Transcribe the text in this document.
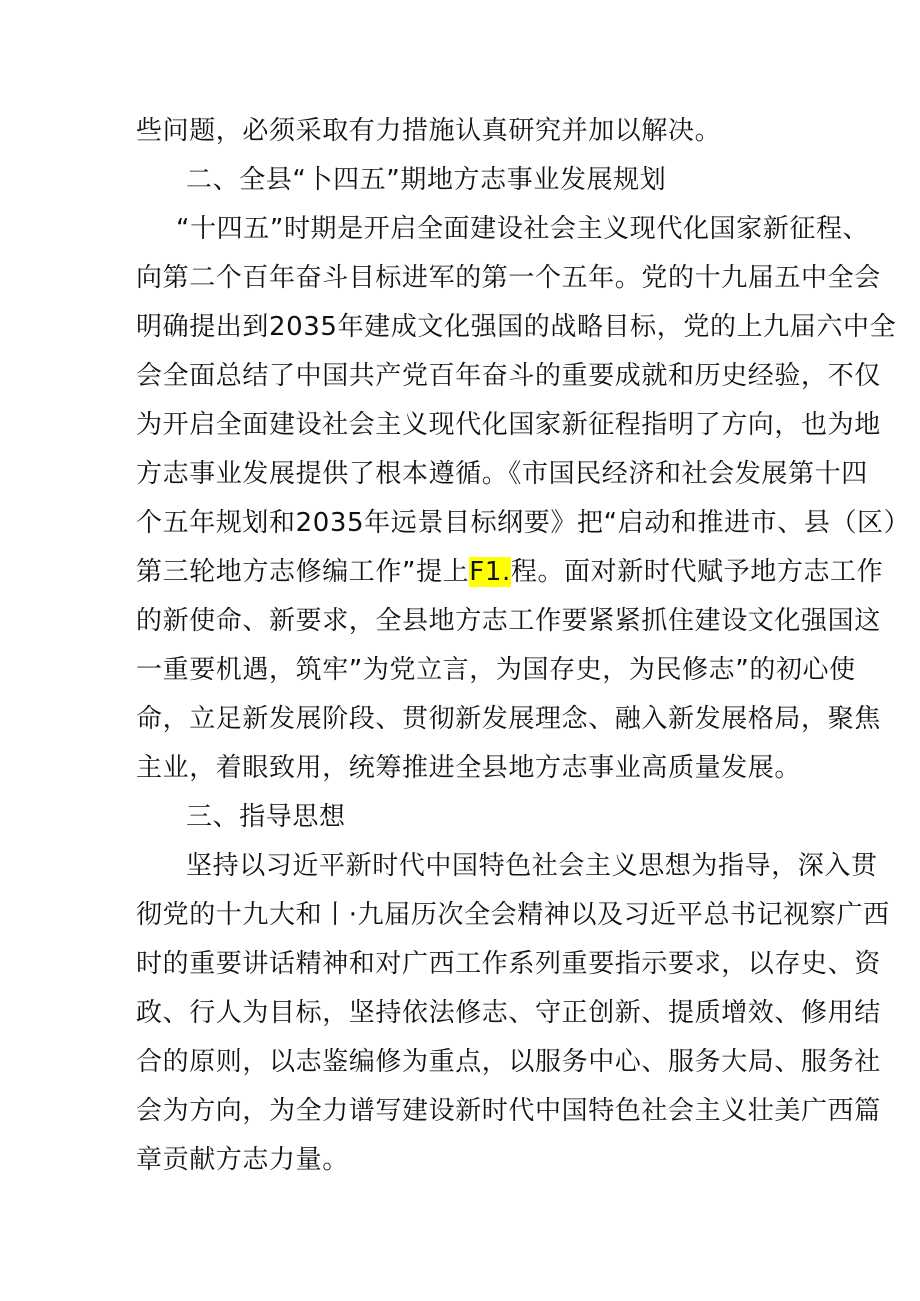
些问题，必须采取有力措施认真研究并加以解决。
二、全县“卜四五”期地方志事业发展规划
“十四五”时期是开启全面建设社会主义现代化国家新征程、
向第二个百年奋斗目标进军的第一个五年。党的十九届五中全会
明确提出到2035年建成文化强国的战略目标，党的上九届六中全
会全面总结了中国共产党百年奋斗的重要成就和历史经验，不仅
为开启全面建设社会主义现代化国家新征程指明了方向，也为地
方志事业发展提供了根本遵循。《市国民经济和社会发展第十四
个五年规划和2035年远景目标纲要》把“启动和推进市、县（区）
第三轮地方志修编工作”提上F1.程。面对新时代赋予地方志工作
的新使命、新要求，全县地方志工作要紧紧抓住建设文化强国这
一重要机遇，筑牢”为党立言，为国存史，为民修志”的初心使
命，立足新发展阶段、贯彻新发展理念、融入新发展格局，聚焦
主业，着眼致用，统筹推进全县地方志事业高质量发展。
三、指导思想
坚持以习近平新时代中国特色社会主义思想为指导，深入贯
彻党的十九大和丨·九届历次全会精神以及习近平总书记视察广西
时的重要讲话精神和对广西工作系列重要指示要求，以存史、资
政、行人为目标，坚持依法修志、守正创新、提质增效、修用结
合的原则，以志鉴编修为重点，以服务中心、服务大局、服务社
会为方向，为全力谱写建设新时代中国特色社会主义壮美广西篇
章贡献方志力量。
